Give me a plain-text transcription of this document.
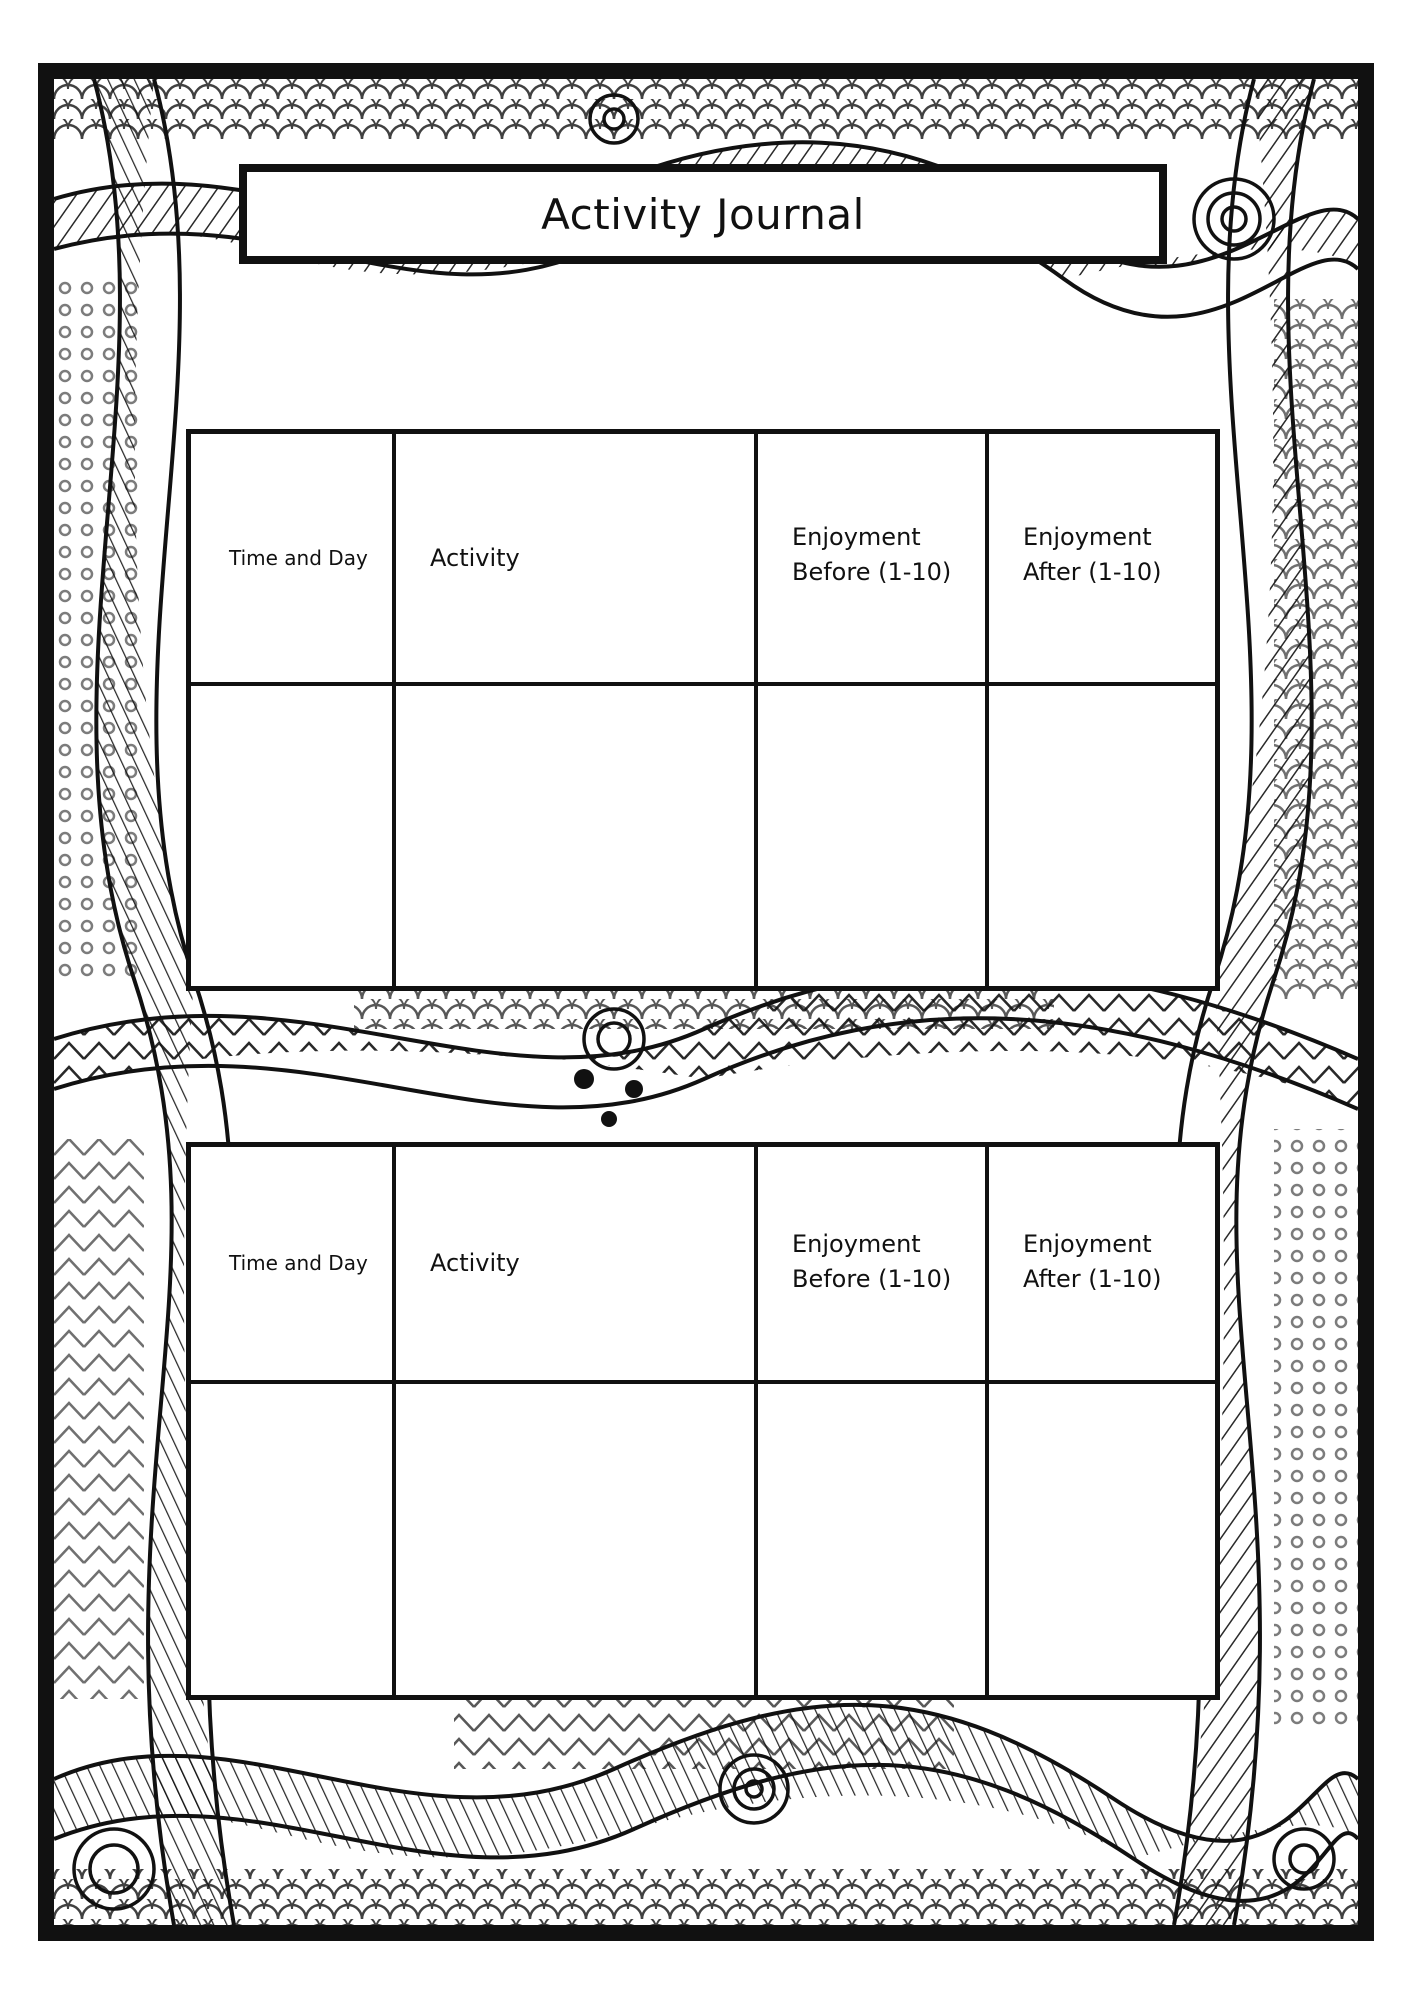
Activity Journal
Time and Day	Activity
Enjoyment
Before (1-10)
Enjoyment
After (1-10)
Time and Day	Activity
Enjoyment
Before (1-10)
Enjoyment
After (1-10)
